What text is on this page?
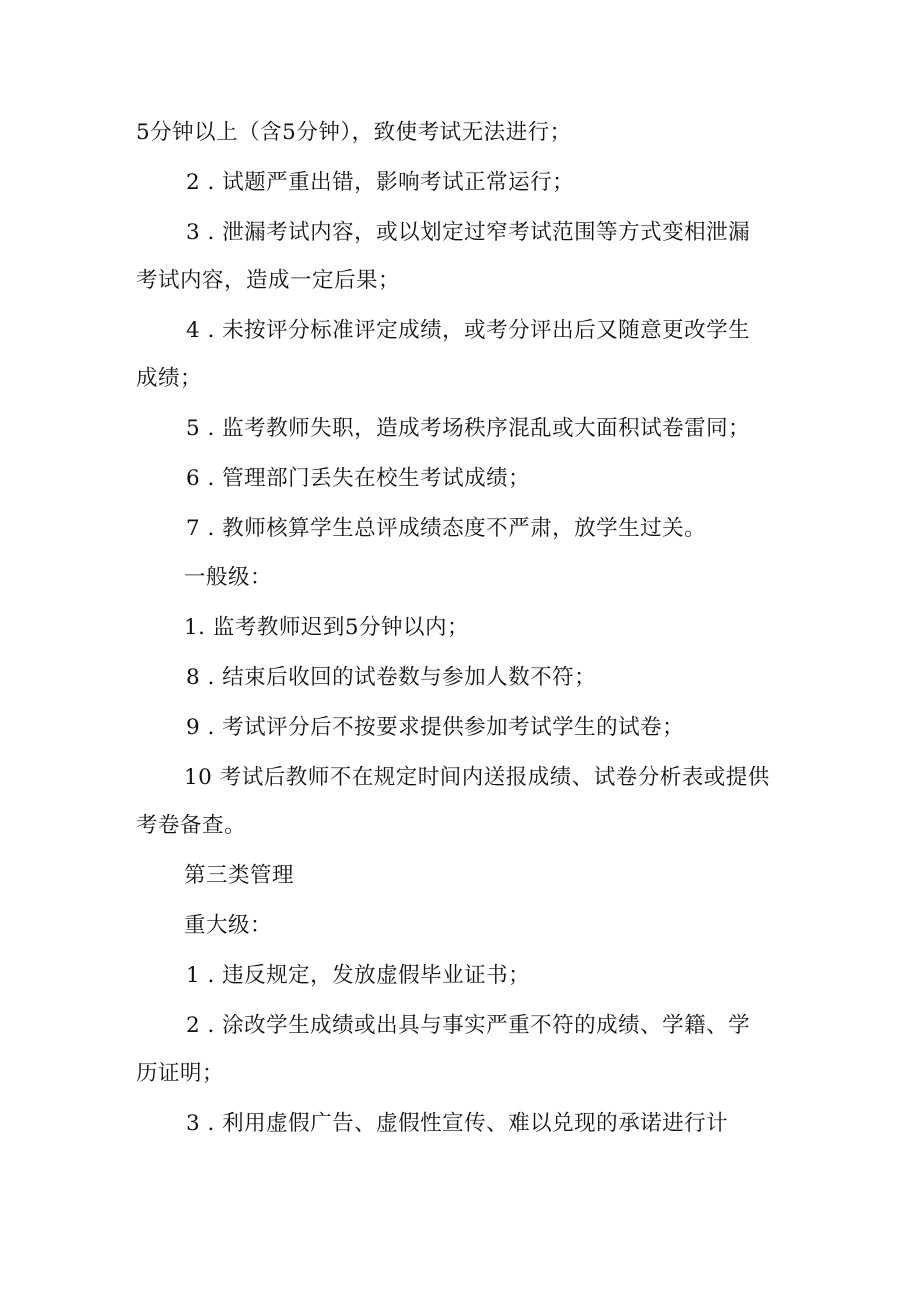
5分钟以上（含5分钟），致使考试无法进行；
2 . 试题严重出错，影响考试正常运行；
3 . 泄漏考试内容，或以划定过窄考试范围等方式变相泄漏
考试内容，造成一定后果；
4 . 未按评分标准评定成绩，或考分评出后又随意更改学生
成绩；
5 . 监考教师失职，造成考场秩序混乱或大面积试卷雷同；
6 . 管理部门丢失在校生考试成绩；
7 . 教师核算学生总评成绩态度不严肃，放学生过关。
一般级：
1. 监考教师迟到5分钟以内；
8 . 结束后收回的试卷数与参加人数不符；
9 . 考试评分后不按要求提供参加考试学生的试卷；
10 考试后教师不在规定时间内送报成绩、试卷分析表或提供
考卷备查。
第三类管理
重大级：
1 . 违反规定，发放虚假毕业证书；
2 . 涂改学生成绩或出具与事实严重不符的成绩、学籍、学
历证明；
3 . 利用虚假广告、虚假性宣传、难以兑现的承诺进行计
